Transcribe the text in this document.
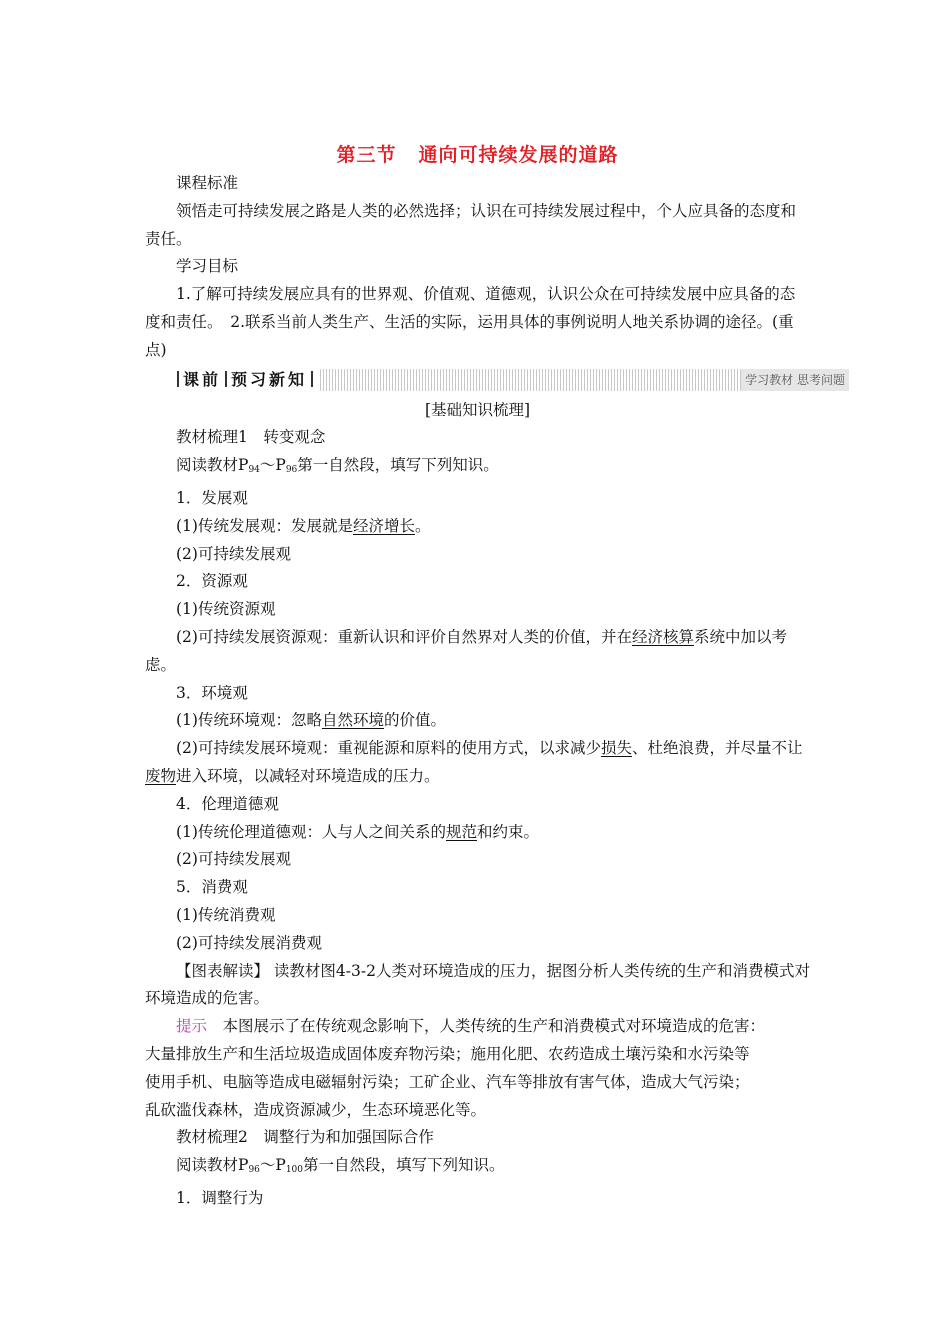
第三节 通向可持续发展的道路

课程标准

领悟走可持续发展之路是人类的必然选择；认识在可持续发展过程中，个人应具备的态度和责任。

学习目标

1.了解可持续发展应具有的世界观、价值观、道德观，认识公众在可持续发展中应具备的态度和责任。　2.联系当前人类生产、生活的实际，运用具体的事例说明人地关系协调的途径。(重点)

课前 预习新知	学习教材 思考问题

[基础知识梳理]

教材梳理1　转变观念

阅读教材$P_{94}\sim P_{96}$第一自然段，填写下列知识。

1．发展观

(1)传统发展观：发展就是经济增长。

(2)可持续发展观

2．资源观

(1)传统资源观

(2)可持续发展资源观：重新认识和评价自然界对人类的价值，并在经济核算系统中加以考虑。

3．环境观

(1)传统环境观：忽略自然环境的价值。

(2)可持续发展环境观：重视能源和原料的使用方式，以求减少损失、杜绝浪费，并尽量不让废物进入环境，以减轻对环境造成的压力。

4．伦理道德观

(1)传统伦理道德观：人与人之间关系的规范和约束。

(2)可持续发展观

5．消费观

(1)传统消费观

(2)可持续发展消费观

【图表解读】 读教材图4-3-2人类对环境造成的压力，据图分析人类传统的生产和消费模式对环境造成的危害。

提示　本图展示了在传统观念影响下，人类传统的生产和消费模式对环境造成的危害：

大量排放生产和生活垃圾造成固体废弃物污染；施用化肥、农药造成土壤污染和水污染等

使用手机、电脑等造成电磁辐射污染；工矿企业、汽车等排放有害气体，造成大气污染；

乱砍滥伐森林，造成资源减少，生态环境恶化等。

教材梳理2　调整行为和加强国际合作

阅读教材$P_{96}\sim P_{100}$第一自然段，填写下列知识。

1．调整行为
